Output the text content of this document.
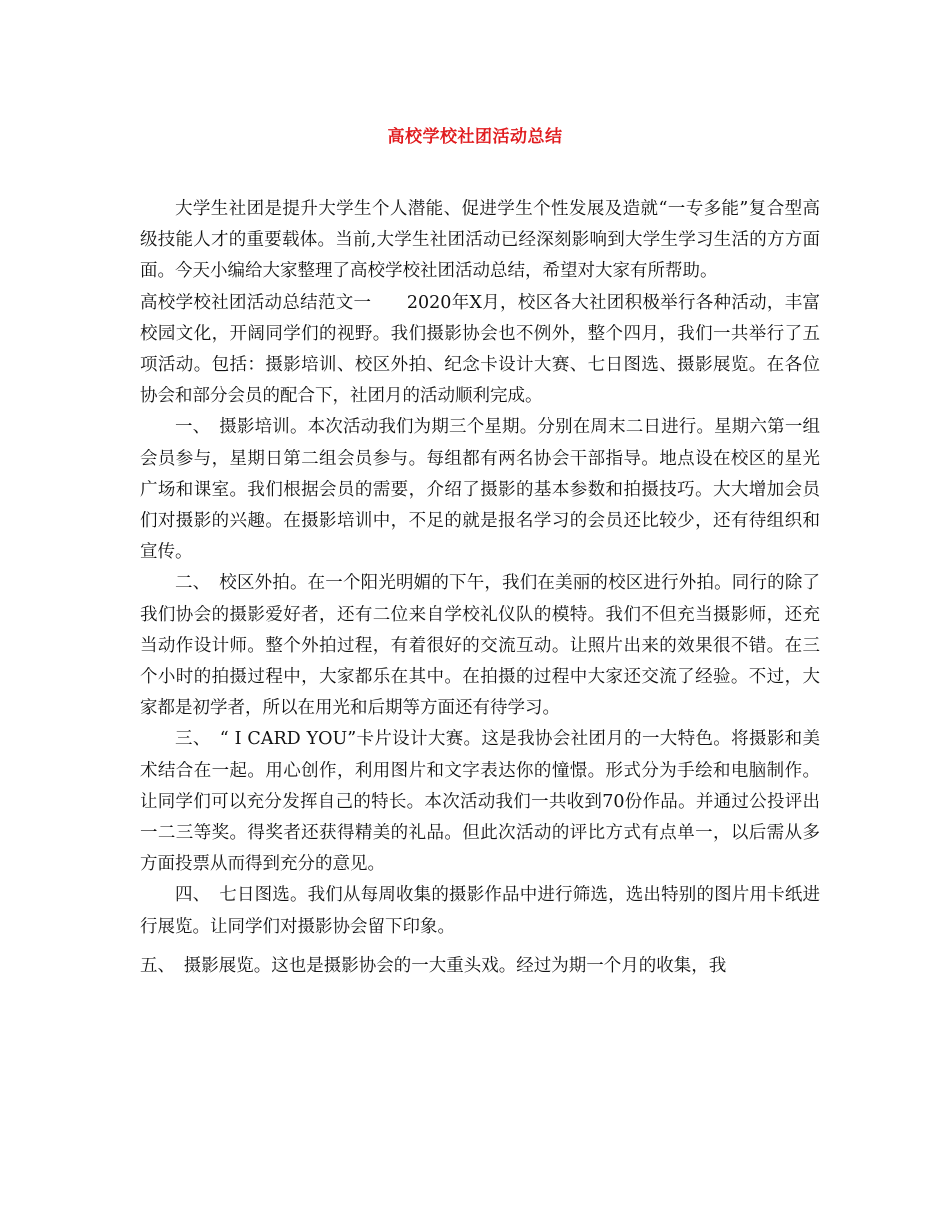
高校学校社团活动总结

大学生社团是提升大学生个人潜能、促进学生个性发展及造就“一专多能”复合型高级技能人才的重要载体。当前,大学生社团活动已经深刻影响到大学生学习生活的方方面面。今天小编给大家整理了高校学校社团活动总结，希望对大家有所帮助。

高校学校社团活动总结范文一　　2020年X月，校区各大社团积极举行各种活动，丰富校园文化，开阔同学们的视野。我们摄影协会也不例外，整个四月，我们一共举行了五项活动。包括：摄影培训、校区外拍、纪念卡设计大赛、七日图选、摄影展览。在各位协会和部分会员的配合下，社团月的活动顺利完成。

一、　摄影培训。本次活动我们为期三个星期。分别在周末二日进行。星期六第一组会员参与，星期日第二组会员参与。每组都有两名协会干部指导。地点设在校区的星光广场和课室。我们根据会员的需要，介绍了摄影的基本参数和拍摄技巧。大大增加会员们对摄影的兴趣。在摄影培训中，不足的就是报名学习的会员还比较少，还有待组织和宣传。

二、　校区外拍。在一个阳光明媚的下午，我们在美丽的校区进行外拍。同行的除了我们协会的摄影爱好者，还有二位来自学校礼仪队的模特。我们不但充当摄影师，还充当动作设计师。整个外拍过程，有着很好的交流互动。让照片出来的效果很不错。在三个小时的拍摄过程中，大家都乐在其中。在拍摄的过程中大家还交流了经验。不过，大家都是初学者，所以在用光和后期等方面还有待学习。

三、　“ I CARD YOU”卡片设计大赛。这是我协会社团月的一大特色。将摄影和美术结合在一起。用心创作，利用图片和文字表达你的憧憬。形式分为手绘和电脑制作。让同学们可以充分发挥自己的特长。本次活动我们一共收到70份作品。并通过公投评出一二三等奖。得奖者还获得精美的礼品。但此次活动的评比方式有点单一，以后需从多方面投票从而得到充分的意见。

四、　七日图选。我们从每周收集的摄影作品中进行筛选，选出特别的图片用卡纸进行展览。让同学们对摄影协会留下印象。

五、　摄影展览。这也是摄影协会的一大重头戏。经过为期一个月的收集，我
